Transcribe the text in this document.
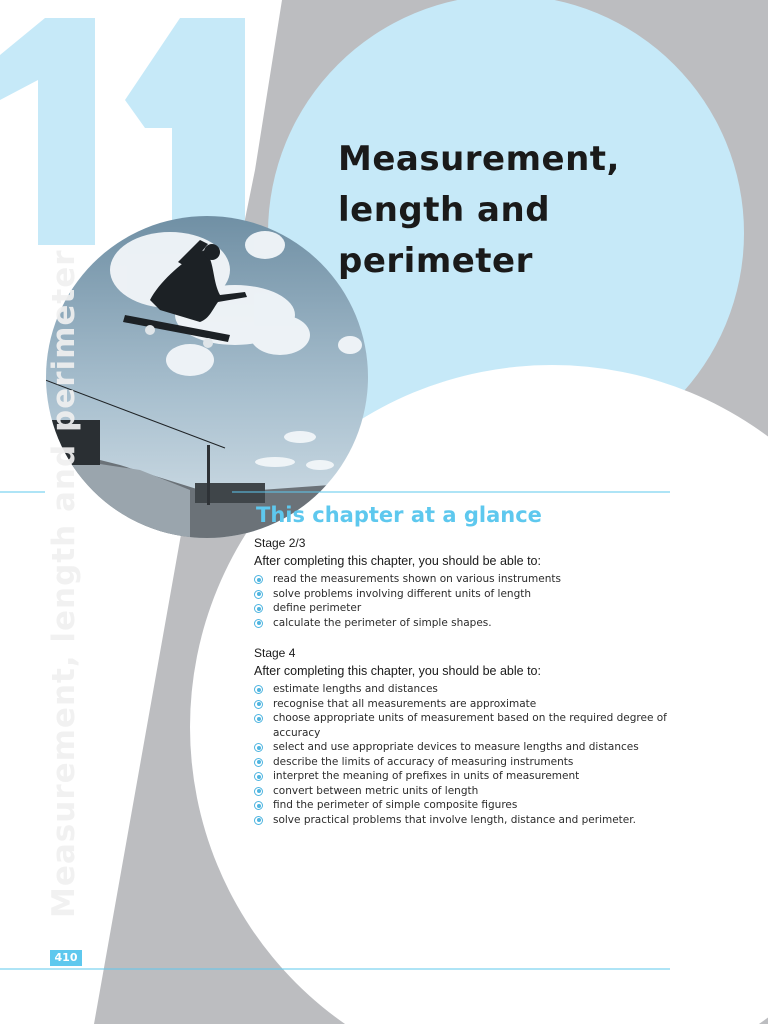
Measurement,
length and
perimeter
Measurement, length and perimeter	This chapter at a glance

Stage 2/3

After completing this chapter, you should be able to:

read the measurements shown on various instruments
solve problems involving different units of length
define perimeter
calculate the perimeter of simple shapes.

Stage 4

After completing this chapter, you should be able to:

estimate lengths and distances
recognise that all measurements are approximate
choose appropriate units of measurement based on the required degree of accuracy
select and use appropriate devices to measure lengths and distances
describe the limits of accuracy of measuring instruments
interpret the meaning of prefixes in units of measurement
convert between metric units of length
find the perimeter of simple composite figures
solve practical problems that involve length, distance and perimeter.
410
